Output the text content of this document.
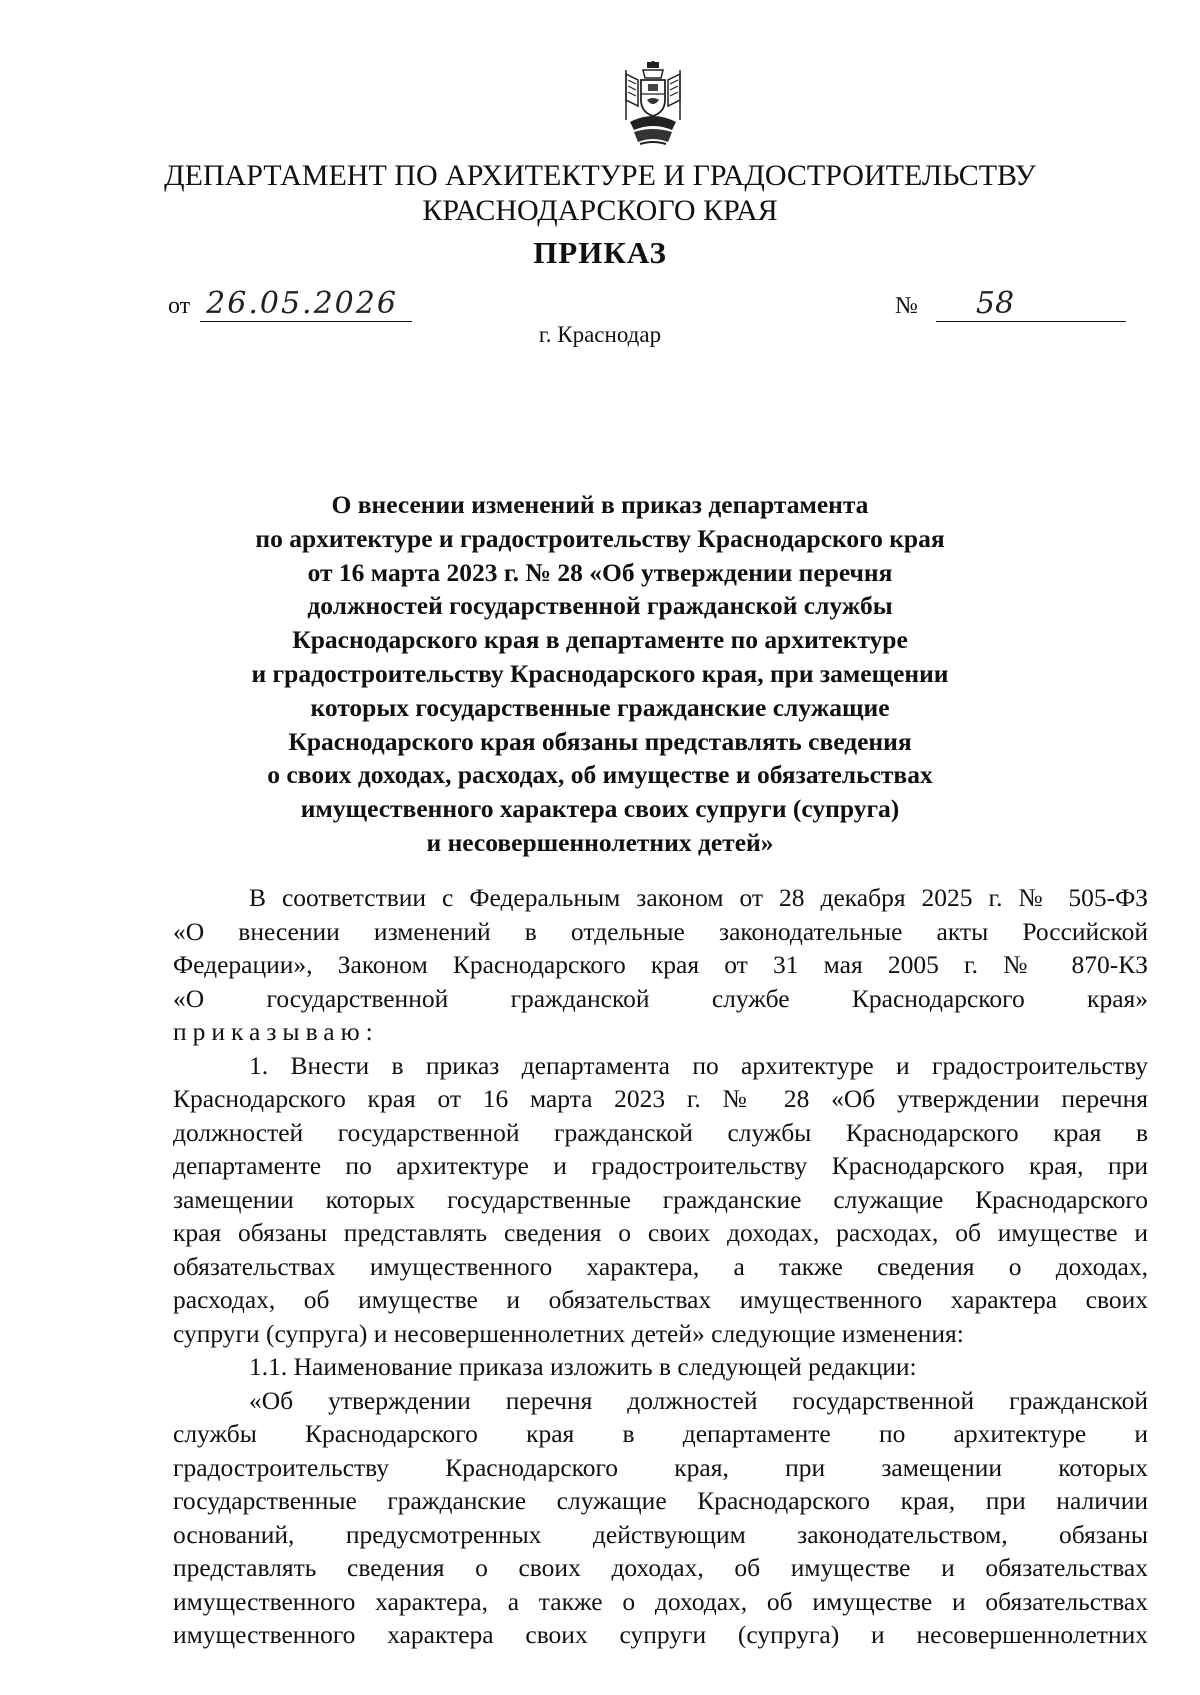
ДЕПАРТАМЕНТ ПО АРХИТЕКТУРЕ И ГРАДОСТРОИТЕЛЬСТВУ
КРАСНОДАРСКОГО КРАЯ
ПРИКАЗ
от 26.05.2026	№ 58
г. Краснодар
О внесении изменений в приказ департамента
по архитектуре и градостроительству Краснодарского края
от 16 марта 2023 г. № 28 «Об утверждении перечня
должностей государственной гражданской службы
Краснодарского края в департаменте по архитектуре
и градостроительству Краснодарского края, при замещении
которых государственные гражданские служащие
Краснодарского края обязаны представлять сведения
о своих доходах, расходах, об имуществе и обязательствах
имущественного характера своих супруги (супруга)
и несовершеннолетних детей»
В соответствии с Федеральным законом от 28 декабря 2025 г. № 505-ФЗ
«О внесении изменений в отдельные законодательные акты Российской
Федерации», Законом Краснодарского края от 31 мая 2005 г. № 870-КЗ
«О государственной гражданской службе Краснодарского края»
приказываю:
1. Внести в приказ департамента по архитектуре и градостроительству
Краснодарского края от 16 марта 2023 г. № 28 «Об утверждении перечня
должностей государственной гражданской службы Краснодарского края в
департаменте по архитектуре и градостроительству Краснодарского края, при
замещении которых государственные гражданские служащие Краснодарского
края обязаны представлять сведения о своих доходах, расходах, об имуществе и
обязательствах имущественного характера, а также сведения о доходах,
расходах, об имуществе и обязательствах имущественного характера своих
супруги (супруга) и несовершеннолетних детей» следующие изменения:
1.1. Наименование приказа изложить в следующей редакции:
«Об утверждении перечня должностей государственной гражданской
службы Краснодарского края в департаменте по архитектуре и
градостроительству Краснодарского края, при замещении которых
государственные гражданские служащие Краснодарского края, при наличии
оснований, предусмотренных действующим законодательством, обязаны
представлять сведения о своих доходах, об имуществе и обязательствах
имущественного характера, а также о доходах, об имуществе и обязательствах
имущественного характера своих супруги (супруга) и несовершеннолетних
